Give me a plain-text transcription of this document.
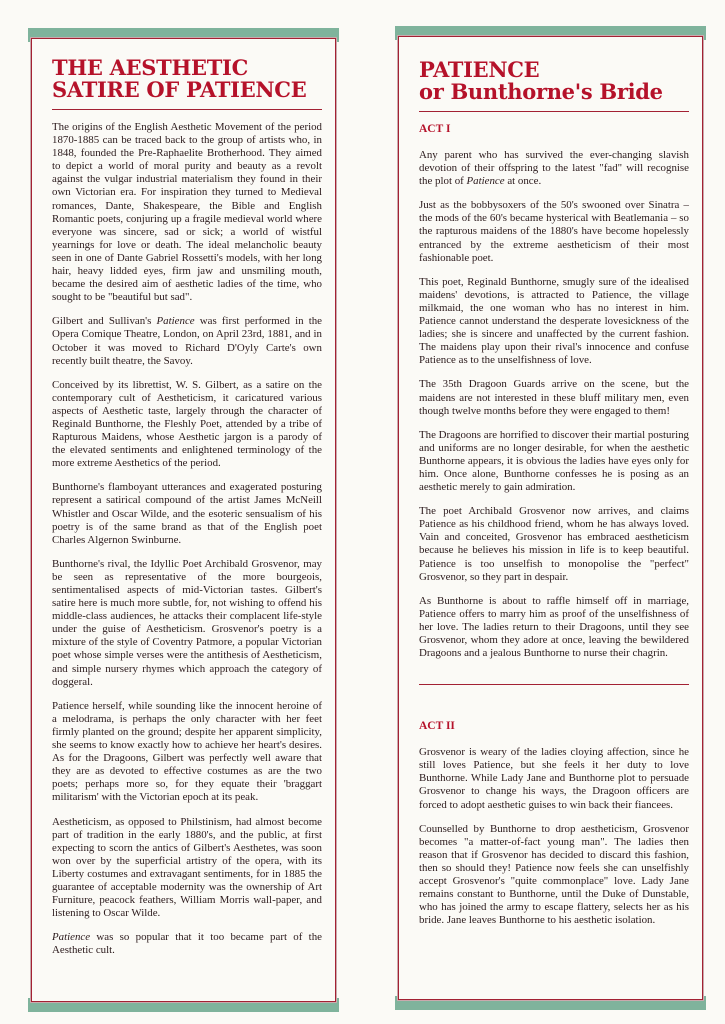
THE AESTHETIC
SATIRE OF PATIENCE

The origins of the English Aesthetic Movement of the period 1870-1885 can be traced back to the group of artists who, in 1848, founded the Pre-Raphaelite Brotherhood. They aimed to depict a world of moral purity and beauty as a revolt against the vulgar industrial materialism they found in their own Victorian era. For inspiration they turned to Medieval romances, Dante, Shakespeare, the Bible and English Romantic poets, conjuring up a fragile medieval world where everyone was sincere, sad or sick; a world of wistful yearnings for love or death. The ideal melancholic beauty seen in one of Dante Gabriel Rossetti's models, with her long hair, heavy lidded eyes, firm jaw and unsmiling mouth, became the desired aim of aesthetic ladies of the time, who sought to be "beautiful but sad".

Gilbert and Sullivan's Patience was first performed in the Opera Comique Theatre, London, on April 23rd, 1881, and in October it was moved to Richard D'Oyly Carte's own recently built theatre, the Savoy.

Conceived by its librettist, W. S. Gilbert, as a satire on the contemporary cult of Aestheticism, it caricatured various aspects of Aesthetic taste, largely through the character of Reginald Bunthorne, the Fleshly Poet, attended by a tribe of Rapturous Maidens, whose Aesthetic jargon is a parody of the elevated sentiments and enlightened terminology of the more extreme Aesthetics of the period.

Bunthorne's flamboyant utterances and exagerated posturing represent a satirical compound of the artist James McNeill Whistler and Oscar Wilde, and the esoteric sensualism of his poetry is of the same brand as that of the English poet Charles Algernon Swinburne.

Bunthorne's rival, the Idyllic Poet Archibald Grosvenor, may be seen as representative of the more bourgeois, sentimentalised aspects of mid-Victorian tastes. Gilbert's satire here is much more subtle, for, not wishing to offend his middle-class audiences, he attacks their complacent life-style under the guise of Aestheticism. Grosvenor's poetry is a mixture of the style of Coventry Patmore, a popular Victorian poet whose simple verses were the antithesis of Aestheticism, and simple nursery rhymes which approach the category of doggeral.

Patience herself, while sounding like the innocent heroine of a melodrama, is perhaps the only character with her feet firmly planted on the ground; despite her apparent simplicity, she seems to know exactly how to achieve her heart's desires. As for the Dragoons, Gilbert was perfectly well aware that they are as devoted to effective costumes as are the two poets; perhaps more so, for they equate their 'braggart militarism' with the Victorian epoch at its peak.

Aestheticism, as opposed to Philstinism, had almost become part of tradition in the early 1880's, and the public, at first expecting to scorn the antics of Gilbert's Aesthetes, was soon won over by the superficial artistry of the opera, with its Liberty costumes and extravagant sentiments, for in 1885 the guarantee of acceptable modernity was the ownership of Art Furniture, peacock feathers, William Morris wall-paper, and listening to Oscar Wilde.

Patience was so popular that it too became part of the Aesthetic cult.

PATIENCE
or Bunthorne's Bride
ACT I

Any parent who has survived the ever-changing slavish devotion of their offspring to the latest "fad" will recognise the plot of Patience at once.

Just as the bobbysoxers of the 50's swooned over Sinatra – the mods of the 60's became hysterical with Beatlemania – so the rapturous maidens of the 1880's have become hopelessly entranced by the extreme aestheticism of their most fashionable poet.

This poet, Reginald Bunthorne, smugly sure of the idealised maidens' devotions, is attracted to Patience, the village milkmaid, the one woman who has no interest in him. Patience cannot understand the desperate lovesickness of the ladies; she is sincere and unaffected by the current fashion. The maidens play upon their rival's innocence and confuse Patience as to the unselfishness of love.

The 35th Dragoon Guards arrive on the scene, but the maidens are not interested in these bluff military men, even though twelve months before they were engaged to them!

The Dragoons are horrified to discover their martial posturing and uniforms are no longer desirable, for when the aesthetic Bunthorne appears, it is obvious the ladies have eyes only for him. Once alone, Bunthorne confesses he is posing as an aesthetic merely to gain admiration.

The poet Archibald Grosvenor now arrives, and claims Patience as his childhood friend, whom he has always loved. Vain and conceited, Grosvenor has embraced aestheticism because he believes his mission in life is to keep beautiful. Patience is too unselfish to monopolise the "perfect" Grosvenor, so they part in despair.

As Bunthorne is about to raffle himself off in marriage, Patience offers to marry him as proof of the unselfishness of her love. The ladies return to their Dragoons, until they see Grosvenor, whom they adore at once, leaving the bewildered Dragoons and a jealous Bunthorne to nurse their chagrin.

ACT II

Grosvenor is weary of the ladies cloying affection, since he still loves Patience, but she feels it her duty to love Bunthorne. While Lady Jane and Bunthorne plot to persuade Grosvenor to change his ways, the Dragoon officers are forced to adopt aesthetic guises to win back their fiancees.

Counselled by Bunthorne to drop aestheticism, Grosvenor becomes "a matter-of-fact young man". The ladies then reason that if Grosvenor has decided to discard this fashion, then so should they! Patience now feels she can unselfishly accept Grosvenor's "quite commonplace" love. Lady Jane remains constant to Bunthorne, until the Duke of Dunstable, who has joined the army to escape flattery, selects her as his bride. Jane leaves Bunthorne to his aesthetic isolation.
